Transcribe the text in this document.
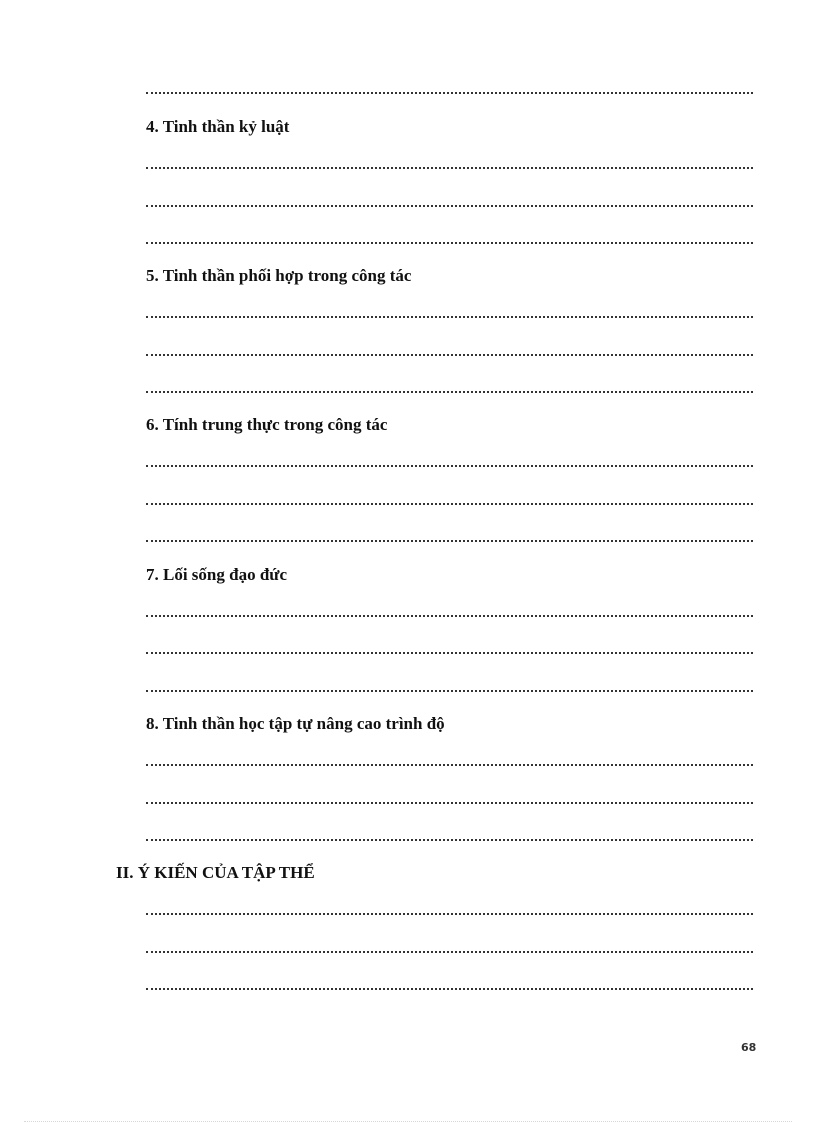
4. Tinh thần kỷ luật
5. Tinh thần phối hợp trong công tác
6. Tính trung thực trong công tác
7. Lối sống đạo đức
8. Tinh thần học tập tự nâng cao trình độ
II. Ý KIẾN CỦA TẬP THỂ
68
